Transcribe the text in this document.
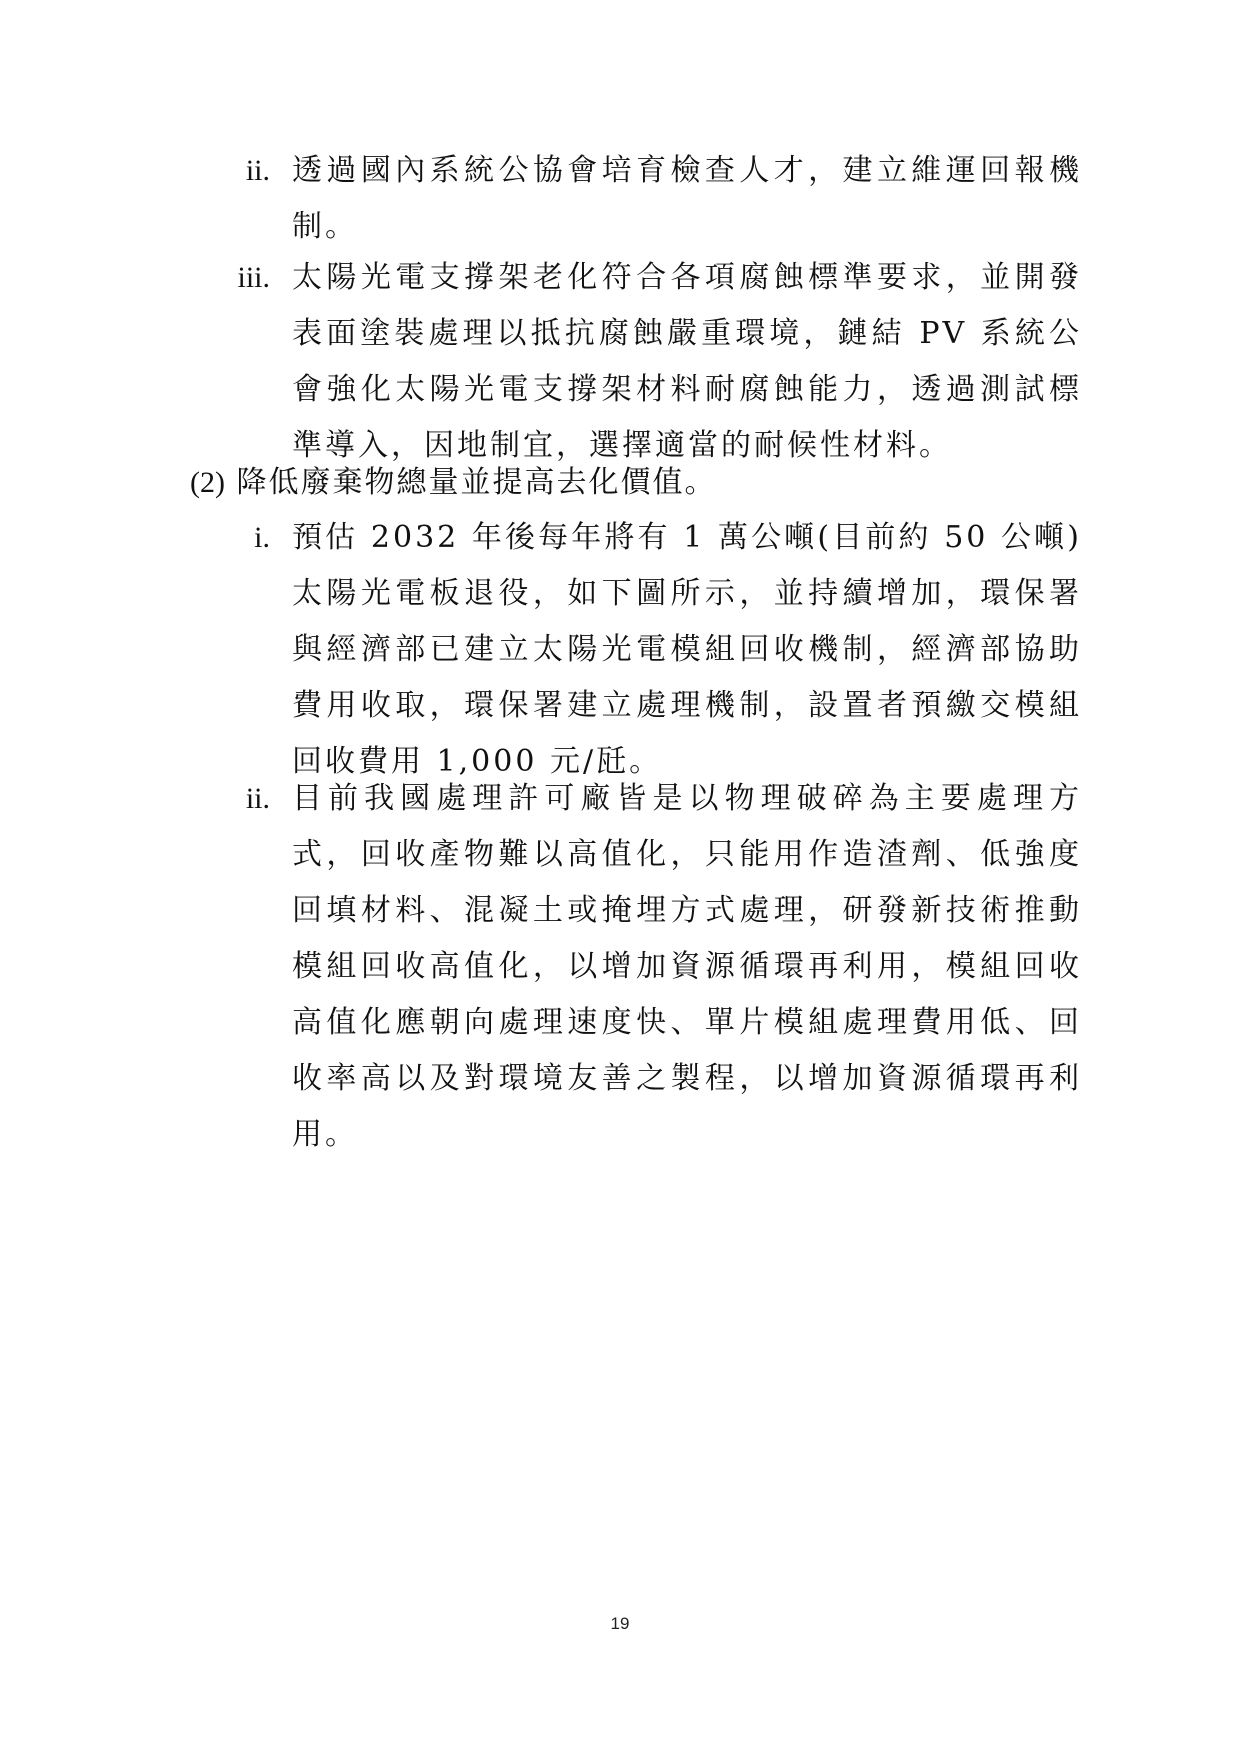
ii. 透過國內系統公協會培育檢查人才，建立維運回報機制。
iii. 太陽光電支撐架老化符合各項腐蝕標準要求，並開發表面塗裝處理以抵抗腐蝕嚴重環境，鏈結 PV 系統公會強化太陽光電支撐架材料耐腐蝕能力，透過測試標準導入，因地制宜，選擇適當的耐候性材料。
(2) 降低廢棄物總量並提高去化價值。
i. 預估 2032 年後每年將有 1 萬公噸(目前約 50 公噸)太陽光電板退役，如下圖所示，並持續增加，環保署與經濟部已建立太陽光電模組回收機制，經濟部協助費用收取，環保署建立處理機制，設置者預繳交模組回收費用 1,000 元/瓩。
ii. 目前我國處理許可廠皆是以物理破碎為主要處理方式，回收產物難以高值化，只能用作造渣劑、低強度回填材料、混凝土或掩埋方式處理，研發新技術推動模組回收高值化，以增加資源循環再利用，模組回收高值化應朝向處理速度快、單片模組處理費用低、回收率高以及對環境友善之製程，以增加資源循環再利用。
19
